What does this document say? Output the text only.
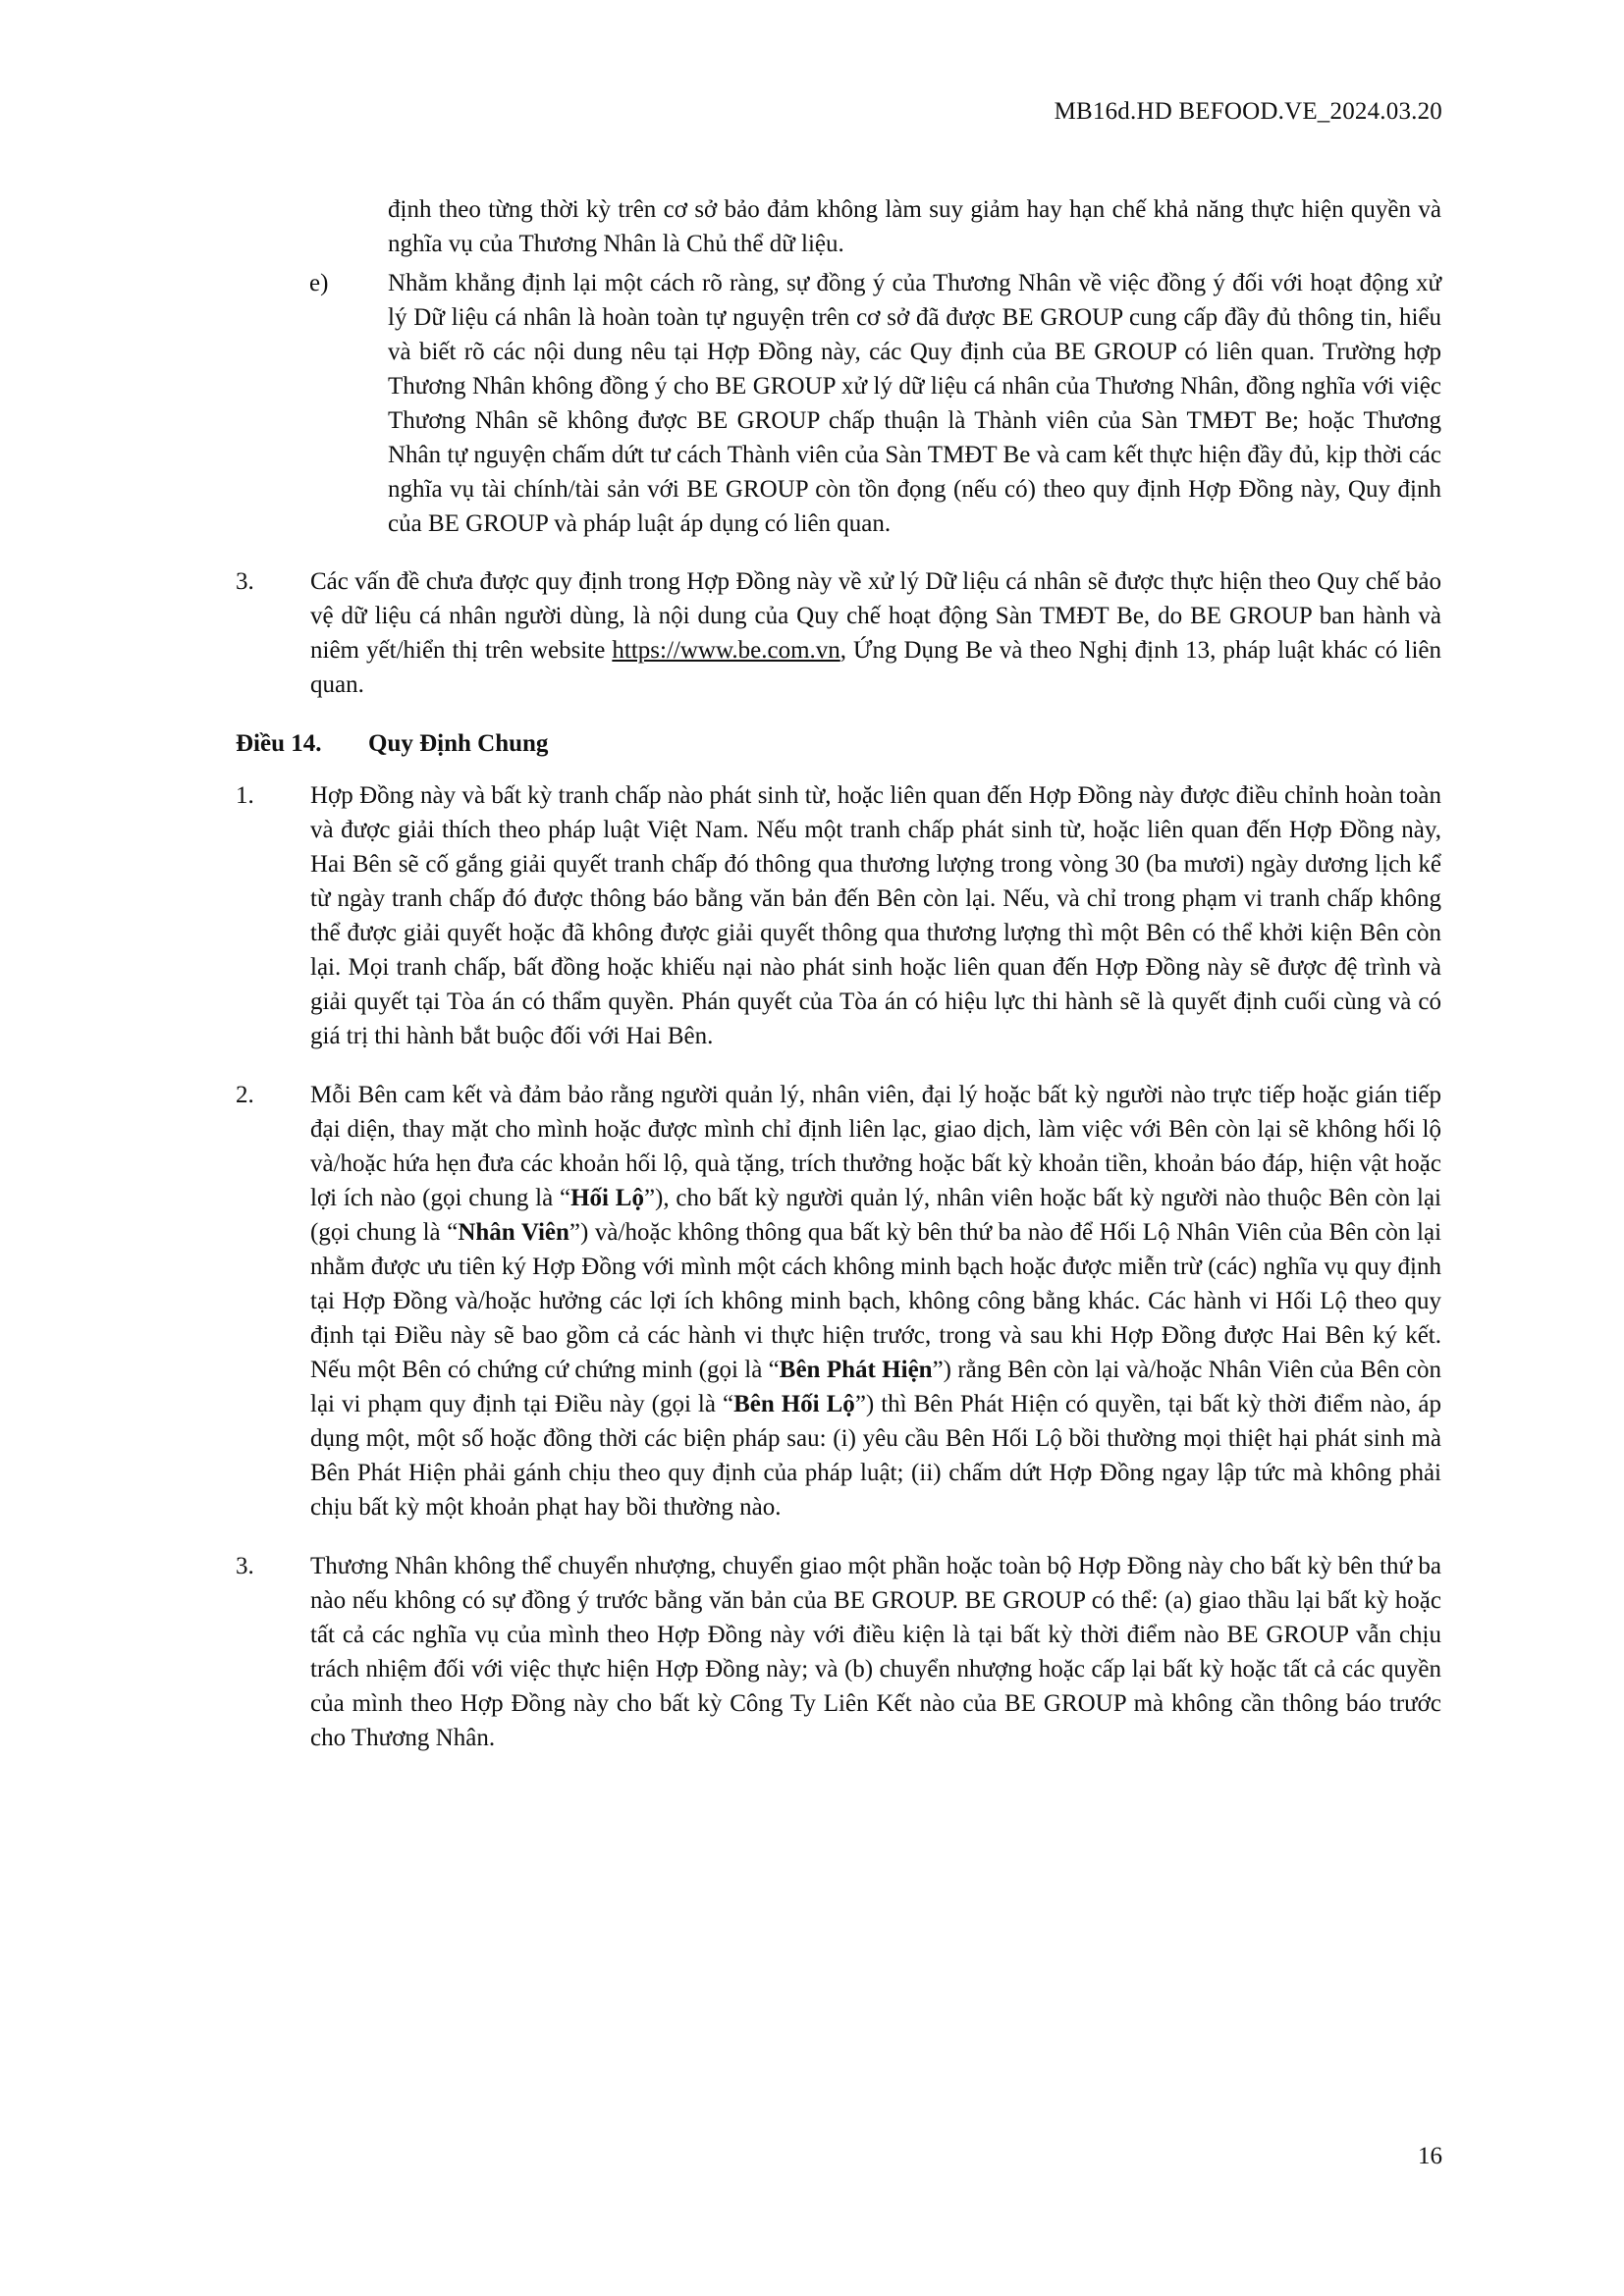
MB16d.HD BEFOOD.VE_2024.03.20

định theo từng thời kỳ trên cơ sở bảo đảm không làm suy giảm hay hạn chế khả năng thực hiện quyền và nghĩa vụ của Thương Nhân là Chủ thể dữ liệu.

e)	Nhằm khẳng định lại một cách rõ ràng, sự đồng ý của Thương Nhân về việc đồng ý đối với hoạt động xử lý Dữ liệu cá nhân là hoàn toàn tự nguyện trên cơ sở đã được BE GROUP cung cấp đầy đủ thông tin, hiểu và biết rõ các nội dung nêu tại Hợp Đồng này, các Quy định của BE GROUP có liên quan. Trường hợp Thương Nhân không đồng ý cho BE GROUP xử lý dữ liệu cá nhân của Thương Nhân, đồng nghĩa với việc Thương Nhân sẽ không được BE GROUP chấp thuận là Thành viên của Sàn TMĐT Be; hoặc Thương Nhân tự nguyện chấm dứt tư cách Thành viên của Sàn TMĐT Be và cam kết thực hiện đầy đủ, kịp thời các nghĩa vụ tài chính/tài sản với BE GROUP còn tồn đọng (nếu có) theo quy định Hợp Đồng này, Quy định của BE GROUP và pháp luật áp dụng có liên quan.
3.	Các vấn đề chưa được quy định trong Hợp Đồng này về xử lý Dữ liệu cá nhân sẽ được thực hiện theo Quy chế bảo vệ dữ liệu cá nhân người dùng, là nội dung của Quy chế hoạt động Sàn TMĐT Be, do BE GROUP ban hành và niêm yết/hiển thị trên website https://www.be.com.vn, Ứng Dụng Be và theo Nghị định 13, pháp luật khác có liên quan.
Điều 14.	Quy Định Chung
1.	Hợp Đồng này và bất kỳ tranh chấp nào phát sinh từ, hoặc liên quan đến Hợp Đồng này được điều chỉnh hoàn toàn và được giải thích theo pháp luật Việt Nam. Nếu một tranh chấp phát sinh từ, hoặc liên quan đến Hợp Đồng này, Hai Bên sẽ cố gắng giải quyết tranh chấp đó thông qua thương lượng trong vòng 30 (ba mươi) ngày dương lịch kể từ ngày tranh chấp đó được thông báo bằng văn bản đến Bên còn lại. Nếu, và chỉ trong phạm vi tranh chấp không thể được giải quyết hoặc đã không được giải quyết thông qua thương lượng thì một Bên có thể khởi kiện Bên còn lại. Mọi tranh chấp, bất đồng hoặc khiếu nại nào phát sinh hoặc liên quan đến Hợp Đồng này sẽ được đệ trình và giải quyết tại Tòa án có thẩm quyền. Phán quyết của Tòa án có hiệu lực thi hành sẽ là quyết định cuối cùng và có giá trị thi hành bắt buộc đối với Hai Bên.
2.	Mỗi Bên cam kết và đảm bảo rằng người quản lý, nhân viên, đại lý hoặc bất kỳ người nào trực tiếp hoặc gián tiếp đại diện, thay mặt cho mình hoặc được mình chỉ định liên lạc, giao dịch, làm việc với Bên còn lại sẽ không hối lộ và/hoặc hứa hẹn đưa các khoản hối lộ, quà tặng, trích thưởng hoặc bất kỳ khoản tiền, khoản báo đáp, hiện vật hoặc lợi ích nào (gọi chung là “Hối Lộ”), cho bất kỳ người quản lý, nhân viên hoặc bất kỳ người nào thuộc Bên còn lại (gọi chung là “Nhân Viên”) và/hoặc không thông qua bất kỳ bên thứ ba nào để Hối Lộ Nhân Viên của Bên còn lại nhằm được ưu tiên ký Hợp Đồng với mình một cách không minh bạch hoặc được miễn trừ (các) nghĩa vụ quy định tại Hợp Đồng và/hoặc hưởng các lợi ích không minh bạch, không công bằng khác. Các hành vi Hối Lộ theo quy định tại Điều này sẽ bao gồm cả các hành vi thực hiện trước, trong và sau khi Hợp Đồng được Hai Bên ký kết. Nếu một Bên có chứng cứ chứng minh (gọi là “Bên Phát Hiện”) rằng Bên còn lại và/hoặc Nhân Viên của Bên còn lại vi phạm quy định tại Điều này (gọi là “Bên Hối Lộ”) thì Bên Phát Hiện có quyền, tại bất kỳ thời điểm nào, áp dụng một, một số hoặc đồng thời các biện pháp sau: (i) yêu cầu Bên Hối Lộ bồi thường mọi thiệt hại phát sinh mà Bên Phát Hiện phải gánh chịu theo quy định của pháp luật; (ii) chấm dứt Hợp Đồng ngay lập tức mà không phải chịu bất kỳ một khoản phạt hay bồi thường nào.
3.	Thương Nhân không thể chuyển nhượng, chuyển giao một phần hoặc toàn bộ Hợp Đồng này cho bất kỳ bên thứ ba nào nếu không có sự đồng ý trước bằng văn bản của BE GROUP. BE GROUP có thể: (a) giao thầu lại bất kỳ hoặc tất cả các nghĩa vụ của mình theo Hợp Đồng này với điều kiện là tại bất kỳ thời điểm nào BE GROUP vẫn chịu trách nhiệm đối với việc thực hiện Hợp Đồng này; và (b) chuyển nhượng hoặc cấp lại bất kỳ hoặc tất cả các quyền của mình theo Hợp Đồng này cho bất kỳ Công Ty Liên Kết nào của BE GROUP mà không cần thông báo trước cho Thương Nhân.
16
